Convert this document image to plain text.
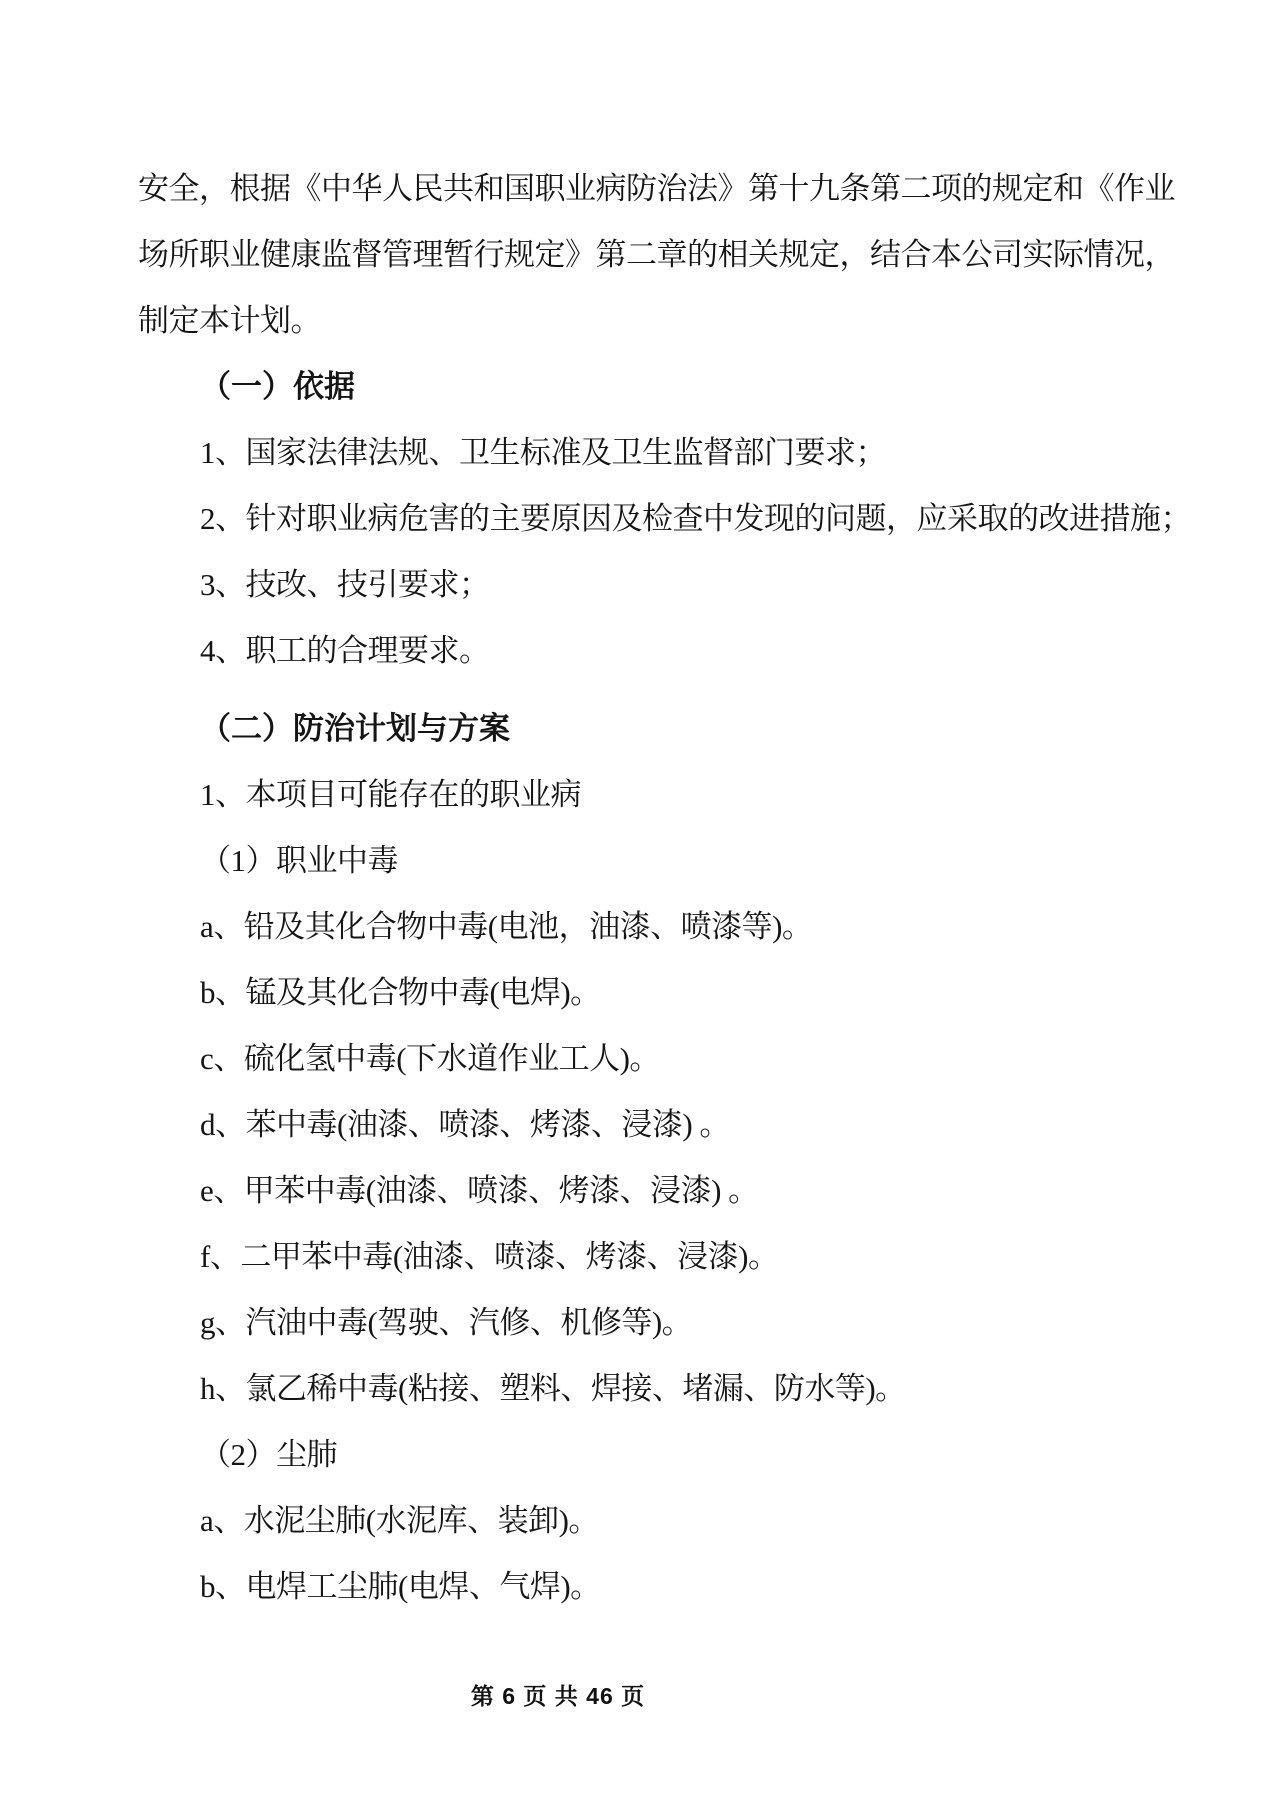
安全，根据《中华人民共和国职业病防治法》第十九条第二项的规定和《作业

场所职业健康监督管理暂行规定》第二章的相关规定，结合本公司实际情况，

制定本计划。

（一）依据

1、国家法律法规、卫生标准及卫生监督部门要求；

2、针对职业病危害的主要原因及检查中发现的问题，应采取的改进措施；

3、技改、技引要求；

4、职工的合理要求。

（二）防治计划与方案

1、本项目可能存在的职业病

（1）职业中毒

a、铅及其化合物中毒(电池，油漆、喷漆等)。

b、锰及其化合物中毒(电焊)。

c、硫化氢中毒(下水道作业工人)。

d、苯中毒(油漆、喷漆、烤漆、浸漆) 。

e、甲苯中毒(油漆、喷漆、烤漆、浸漆) 。

f、二甲苯中毒(油漆、喷漆、烤漆、浸漆)。

g、汽油中毒(驾驶、汽修、机修等)。

h、氯乙稀中毒(粘接、塑料、焊接、堵漏、防水等)。

（2）尘肺

a、水泥尘肺(水泥库、装卸)。

b、电焊工尘肺(电焊、气焊)。

第 6 页 共 46 页
